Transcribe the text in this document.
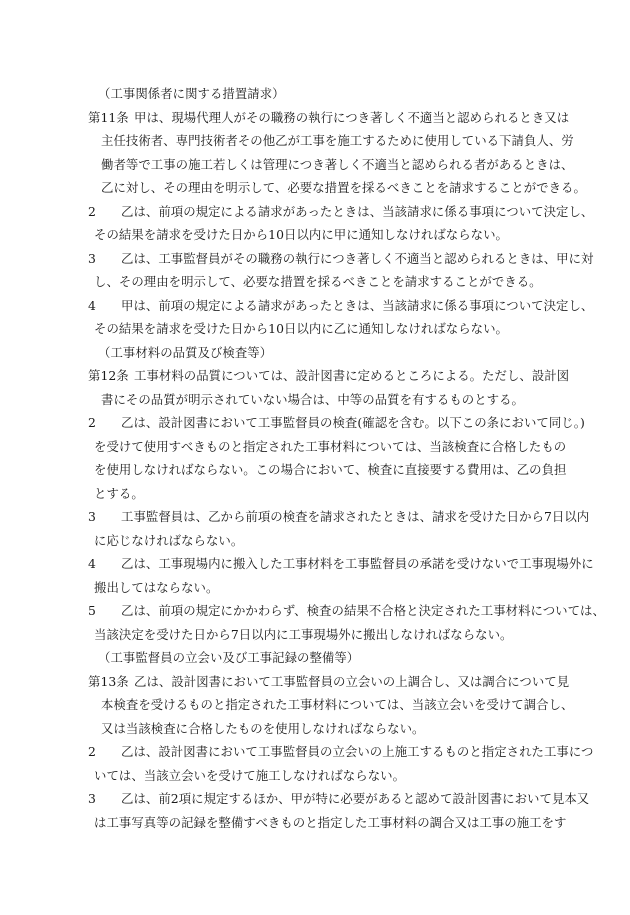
（工事関係者に関する措置請求）
第11条 甲は、現場代理人がその職務の執行につき著しく不適当と認められるとき又は
主任技術者、専門技術者その他乙が工事を施工するために使用している下請負人、労
働者等で工事の施工若しくは管理につき著しく不適当と認められる者があるときは、
乙に対し、その理由を明示して、必要な措置を採るべきことを請求することができる。
2 乙は、前項の規定による請求があったときは、当該請求に係る事項について決定し、
その結果を請求を受けた日から10日以内に甲に通知しなければならない。
3 乙は、工事監督員がその職務の執行につき著しく不適当と認められるときは、甲に対
し、その理由を明示して、必要な措置を採るべきことを請求することができる。
4 甲は、前項の規定による請求があったときは、当該請求に係る事項について決定し、
その結果を請求を受けた日から10日以内に乙に通知しなければならない。
（工事材料の品質及び検査等）
第12条 工事材料の品質については、設計図書に定めるところによる。ただし、設計図
書にその品質が明示されていない場合は、中等の品質を有するものとする。
2 乙は、設計図書において工事監督員の検査(確認を含む。以下この条において同じ。)
を受けて使用すべきものと指定された工事材料については、当該検査に合格したもの
を使用しなければならない。この場合において、検査に直接要する費用は、乙の負担
とする。
3 工事監督員は、乙から前項の検査を請求されたときは、請求を受けた日から7日以内
に応じなければならない。
4 乙は、工事現場内に搬入した工事材料を工事監督員の承諾を受けないで工事現場外に
搬出してはならない。
5 乙は、前項の規定にかかわらず、検査の結果不合格と決定された工事材料については、
当該決定を受けた日から7日以内に工事現場外に搬出しなければならない。
（工事監督員の立会い及び工事記録の整備等）
第13条 乙は、設計図書において工事監督員の立会いの上調合し、又は調合について見
本検査を受けるものと指定された工事材料については、当該立会いを受けて調合し、
又は当該検査に合格したものを使用しなければならない。
2 乙は、設計図書において工事監督員の立会いの上施工するものと指定された工事につ
いては、当該立会いを受けて施工しなければならない。
3 乙は、前2項に規定するほか、甲が特に必要があると認めて設計図書において見本又
は工事写真等の記録を整備すべきものと指定した工事材料の調合又は工事の施工をす
